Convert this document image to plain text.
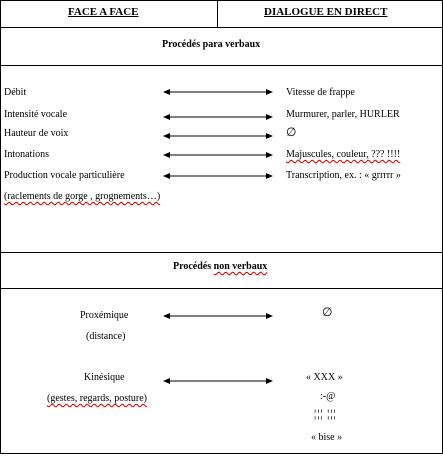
FACE A FACE	DIALOGUE EN DIRECT
Procédés para verbaux
Débit
Intensité vocale
Hauteur de voix
Intonations
Production vocale particulière
(raclements de gorge , grognements…)
Vitesse de frappe
Murmurer, parler, HURLER
∅
Majuscules, couleur, ??? !!!!
Transcription, ex. : « grrrrr »
Procédés non verbaux
Proxémique
(distance)
∅
Kinésique
(gestes, regards, posture)
« XXX »
:-@
¦¦¦ ¦¦¦
« bise »
